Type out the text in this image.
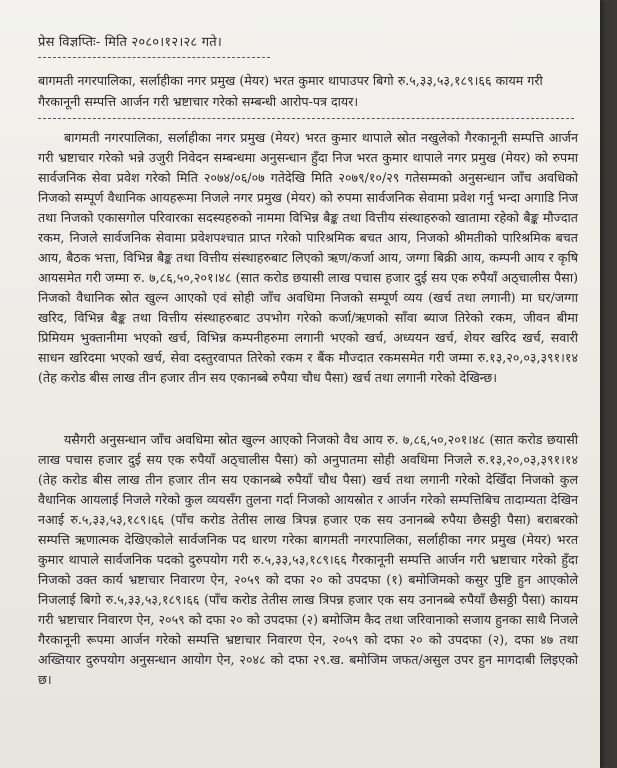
प्रेस विज्ञप्तिः- मिति २०८०।१२।२८ गते।
बागमती नगरपालिका, सर्लाहीका नगर प्रमुख (मेयर) भरत कुमार थापाउपर बिगो रु.५,३३,५३,१८९।६६ कायम गरी गैरकानूनी सम्पत्ति आर्जन गरी भ्रष्टाचार गरेको सम्बन्धी आरोप-पत्र दायर।
बागमती नगरपालिका, सर्लाहीका नगर प्रमुख (मेयर) भरत कुमार थापाले स्रोत नखुलेको गैरकानूनी सम्पत्ति आर्जन गरी भ्रष्टाचार गरेको भन्ने उजुरी निवेदन सम्बन्धमा अनुसन्धान हुँदा निज भरत कुमार थापाले नगर प्रमुख (मेयर) को रुपमा सार्वजनिक सेवा प्रवेश गरेको मिति २०७४/०६/०७ गतेदेखि मिति २०७९/१०/२९ गतेसम्मको अनुसन्धान जाँच अवधिको निजको सम्पूर्ण वैधानिक आयहरूमा निजले नगर प्रमुख (मेयर) को रुपमा सार्वजनिक सेवामा प्रवेश गर्नु भन्दा अगाडि निज तथा निजको एकासगोल परिवारका सदस्यहरुको नाममा विभिन्न बैङ्क तथा वित्तीय संस्थाहरुको खातामा रहेको बैङ्क मौज्दात रकम, निजले सार्वजनिक सेवामा प्रवेशपश्चात प्राप्त गरेको पारिश्रमिक बचत आय, निजको श्रीमतीको पारिश्रमिक बचत आय, बैठक भत्ता, विभिन्न बैङ्क तथा वित्तीय संस्थाहरुबाट लिएको ऋण/कर्जा आय, जग्गा बिक्री आय, कम्पनी आय र कृषि आयसमेत गरी जम्मा रु. ७,८६,५०,२०१।४८ (सात करोड छयासी लाख पचास हजार दुई सय एक रुपैयाँ अठ्चालीस पैसा) निजको वैधानिक स्रोत खुल्न आएको एवं सोही जाँच अवधिमा निजको सम्पूर्ण व्यय (खर्च तथा लगानी) मा घर/जग्गा खरिद, विभिन्न बैङ्क तथा वित्तीय संस्थाहरुबाट उपभोग गरेको कर्जा/ऋणको साँवा ब्याज तिरेको रकम, जीवन बीमा प्रिमियम भुक्तानीमा भएको खर्च, विभिन्न कम्पनीहरुमा लगानी भएको खर्च, अध्ययन खर्च, शेयर खरिद खर्च, सवारी साधन खरिदमा भएको खर्च, सेवा दस्तुरवापत तिरेको रकम र बैंक मौज्दात रकमसमेत गरी जम्मा रु.१३,२०,०३,३९१।१४ (तेह करोड बीस लाख तीन हजार तीन सय एकानब्बे रुपैया चौध पैसा) खर्च तथा लगानी गरेको देखिन्छ।
यसैगरी अनुसन्धान जाँच अवधिमा स्रोत खुल्न आएको निजको वैध आय रु. ७,८६,५०,२०१।४८ (सात करोड छयासी लाख पचास हजार दुई सय एक रुपैयाँ अठ्चालीस पैसा) को अनुपातमा सोही अवधिमा निजले रु.१३,२०,०३,३९१।१४ (तेह करोड बीस लाख तीन हजार तीन सय एकानब्बे रुपैयाँ चौध पैसा) खर्च तथा लगानी गरेको देखिँदा निजको कुल वैधानिक आयलाई निजले गरेको कुल व्ययसँग तुलना गर्दा निजको आयस्रोत र आर्जन गरेको सम्पत्तिबिच तादाम्यता देखिन नआई रु.५,३३,५३,१८९।६६ (पाँच करोड तेतीस लाख त्रिपन्न हजार एक सय उनानब्बे रुपैया छैसठ्ठी पैसा) बराबरको सम्पत्ति ऋणात्मक देखिएकोले सार्वजनिक पद धारण गरेका बागमती नगरपालिका, सर्लाहीका नगर प्रमुख (मेयर) भरत कुमार थापाले सार्वजनिक पदको दुरुपयोग गरी रु.५,३३,५३,१८९।६६ गैरकानूनी सम्पत्ति आर्जन गरी भ्रष्टाचार गरेको हुँदा निजको उक्त कार्य भ्रष्टाचार निवारण ऐन, २०५९ को दफा २० को उपदफा (१) बमोजिमको कसुर पुष्टि हुन आएकोले निजलाई बिगो रु.५,३३,५३,१८९।६६ (पाँच करोड तेतीस लाख त्रिपन्न हजार एक सय उनानब्बे रुपैयाँ छैसठ्ठी पैसा) कायम गरी भ्रष्टाचार निवारण ऐन, २०५९ को दफा २० को उपदफा (२) बमोजिम कैद तथा जरिवानाको सजाय हुनका साथै निजले गैरकानूनी रूपमा आर्जन गरेको सम्पत्ति भ्रष्टाचार निवारण ऐन, २०५९ को दफा २० को उपदफा (२), दफा ४७ तथा अख्तियार दुरुपयोग अनुसन्धान आयोग ऐन, २०४८ को दफा २९.ख. बमोजिम जफत/असुल उपर हुन मागदाबी लिइएको छ।
